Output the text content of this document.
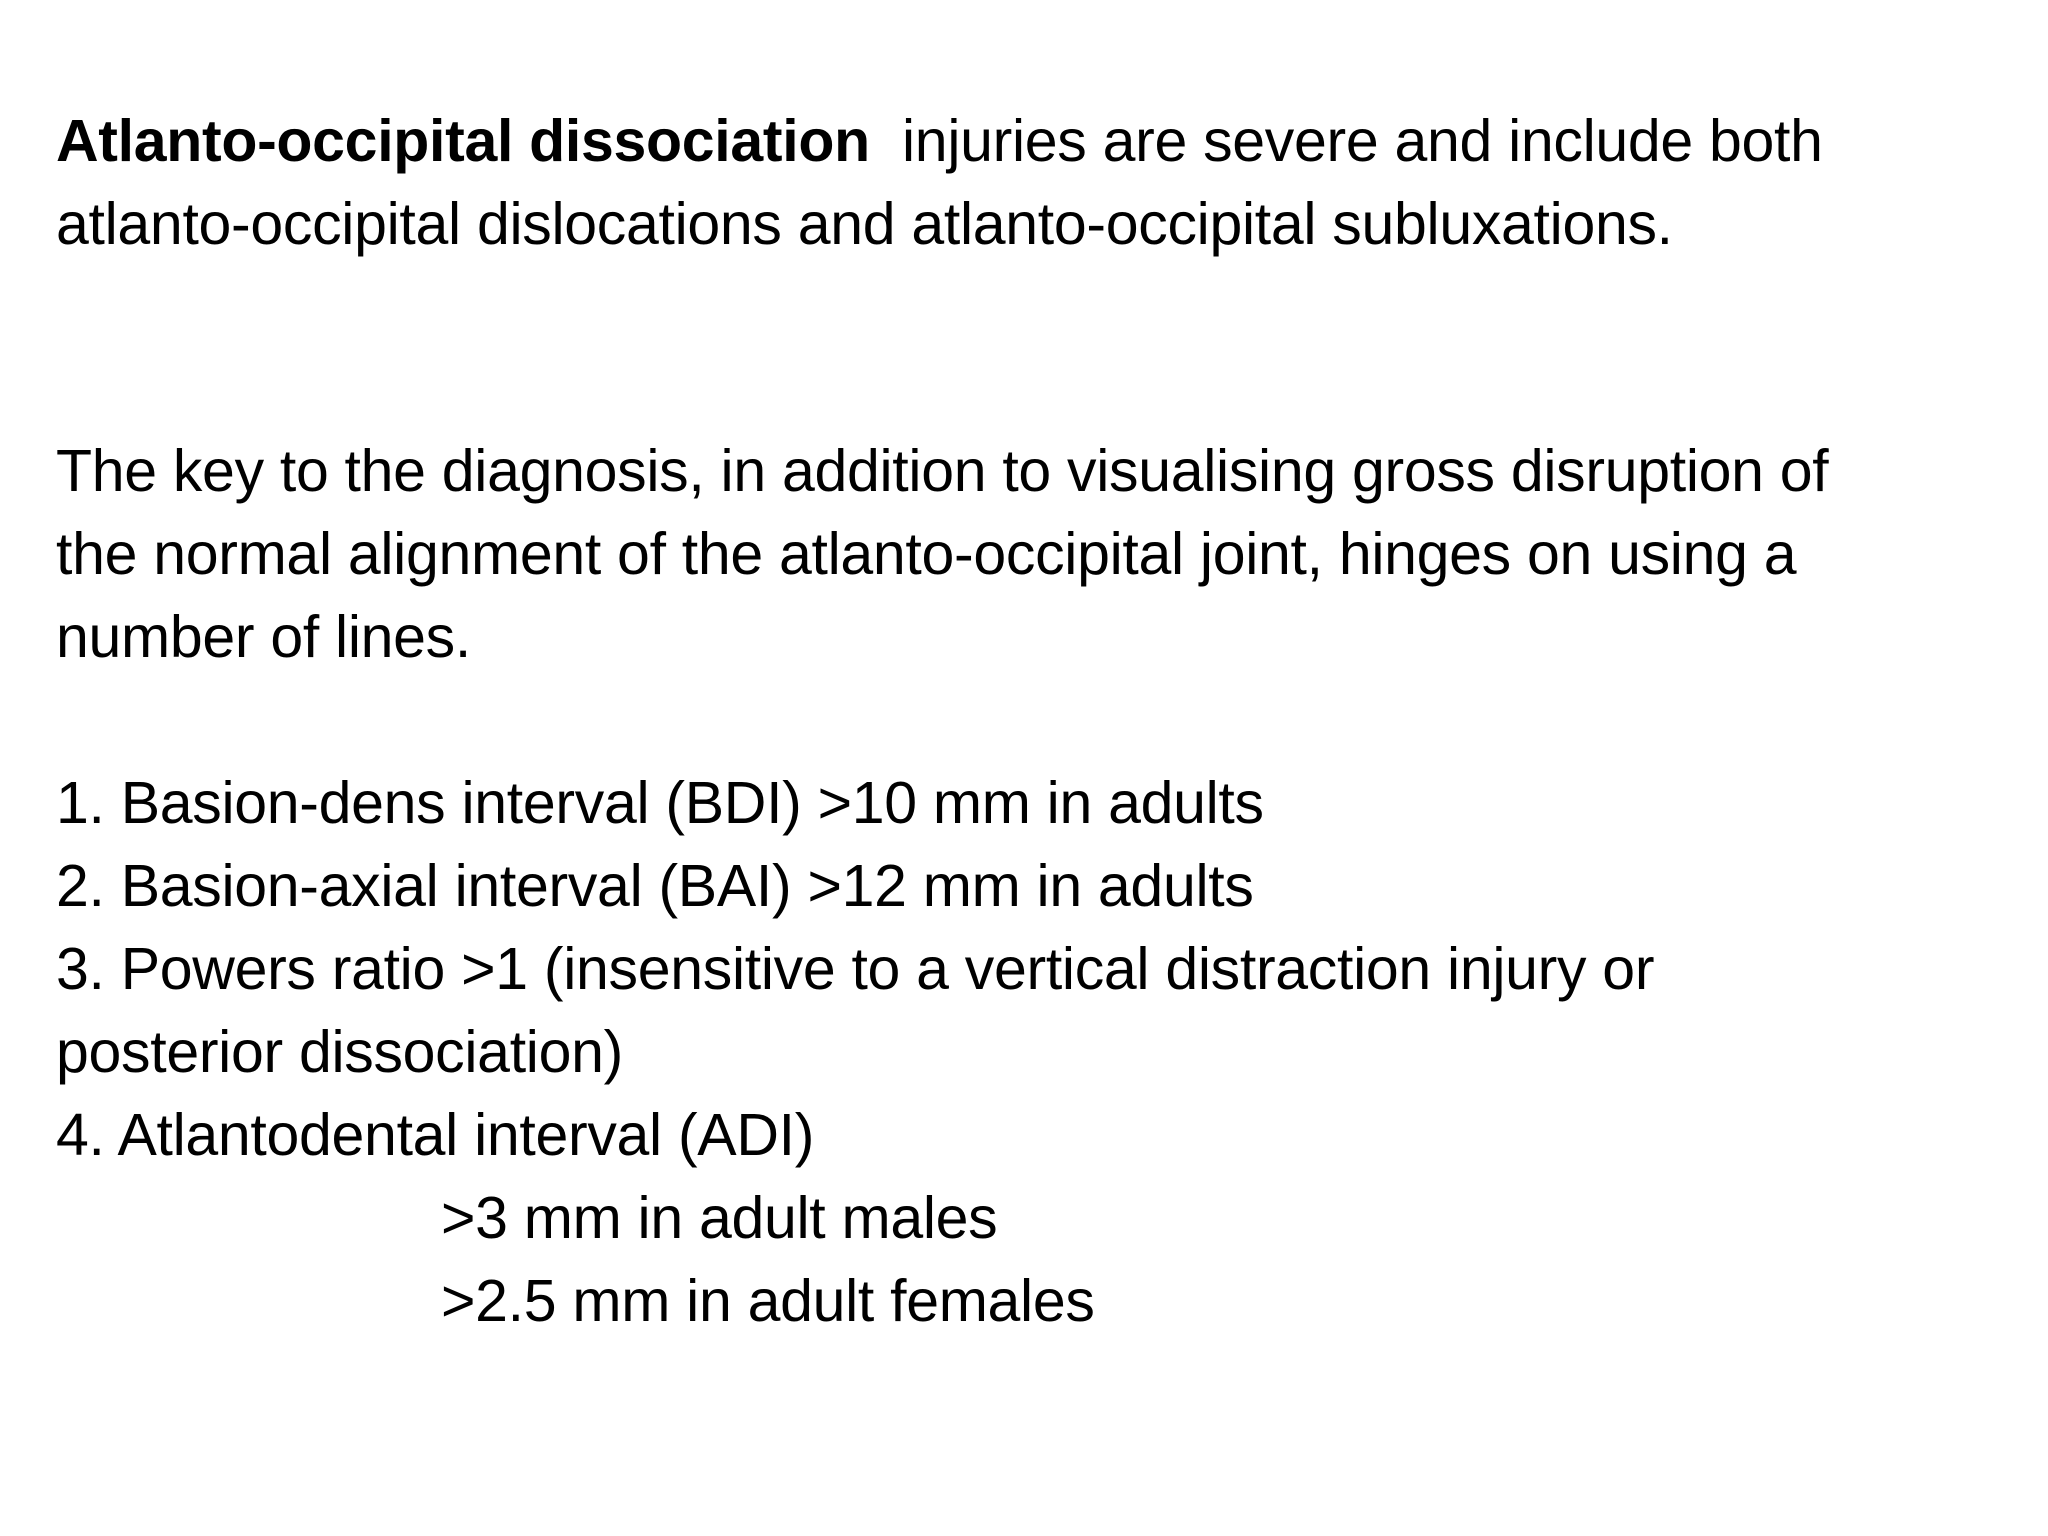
Atlanto-occipital dissociation  injuries are severe and include both
atlanto-occipital dislocations and atlanto-occipital subluxations.
The key to the diagnosis, in addition to visualising gross disruption of
the normal alignment of the atlanto-occipital joint, hinges on using a
number of lines.
1. Basion-dens interval (BDI) >10 mm in adults
2. Basion-axial interval (BAI) >12 mm in adults
3. Powers ratio >1 (insensitive to a vertical distraction injury or
posterior dissociation)
4. Atlantodental interval (ADI)
>3 mm in adult males
>2.5 mm in adult females
